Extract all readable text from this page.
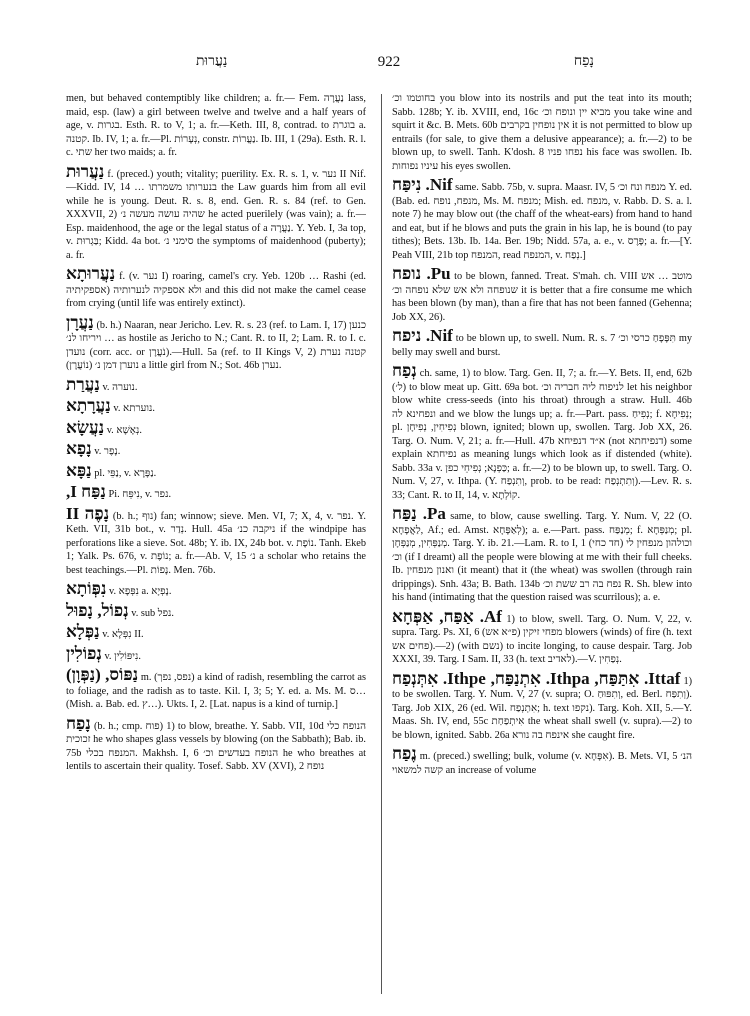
נַעֲרוּת	922	נָפַח
men, but behaved contemptibly like children; a. fr.— Fem. נַעֲרָה lass, maid, esp. (law) a girl between twelve and twelve and a half years of age, v. בגרות. Esth. R. to V, 1; a. fr.—Keth. III, 8, contrad. to בוגרת a. קטנה. Ib. IV, 1; a. fr.—Pl. נְעָרוֹת, constr. נַעֲרוֹת. Ib. III, 1 (29a). Esth. R. l. c. שתי her two maids; a. fr.
נַעֲרוּת f. (preced.) youth; vitality; puerility. Ex. R. s. 1, v. נער II Nif.—Kidd. IV, 14 … בנערותו משמרתו the Law guards him from all evil while he is young. Deut. R. s. 8, end. Gen. R. s. 84 (ref. to Gen. XXXVII, 2) שהיה עושה מעשה נ׳ he acted puerilely (was vain); a. fr.—Esp. maidenhood, the age or the legal status of a נַעֲרָה. Y. Yeb. I, 3a top, v. בַּגְרוּת; Kidd. 4a bot. סימני נ׳ the symptoms of maidenhood (puberty); a. fr.
נַעֲרוּתָא f. (v. נער I) roaring, camel's cry. Yeb. 120b … Rashi (ed. אספקיתיה) ולא אספקיה לנערותיה and this did not make the camel cease from crying (until life was entirely extinct).
נַעֲרָן (b. h.) Naaran, near Jericho. Lev. R. s. 23 (ref. to Lam. I, 17) כנען … ויריחו לנ׳ as hostile as Jericho to N.; Cant. R. to II, 2; Lam. R. to I. c. נועדן (corr. acc. or נֹעֲרָן).—Hull. 5a (ref. to II Kings V, 2) קטנה נערת נוערן דמן נ׳ (נוֹעֲרָן) a little girl from N.; Sot. 46b נערן.
נַעֲרַת v. נוערה.
נַעֲרָתָא v. נוערתא.
נַעֲשָׂא v. נְאָשָׁא.
נָפָא v. נָפֶר.
נַפָּא pl. נַפֵּי, v. נַפָּרָא.
נַפַּח I, Pi. נִיפֵּח, v. נפר.
נָפֶה II (b. h.; נוף) fan; winnow; sieve. Men. VI, 7; X, 4, v. נפר. Y. Keth. VII, 31b bot., v. נְדַר. Hull. 45a ניקבה כנ׳ if the windpipe has perforations like a sieve. Sot. 48b; Y. ib. IX, 24b bot. v. נוֹפֶת. Tanh. Ekeb 1; Yalk. Ps. 676, v. נוֹפֶת; a. fr.—Ab. V, 15 נ׳ a scholar who retains the best teachings.—Pl. נָפוֹת. Men. 76b.
נִפְּוֹתָא v. נִפְּפָא a. נָפְיָא.
נְפוֹל, נָפוּל v. sub נפל.
נַפְּלָא v. נִפְּלָא II.
נְפוֹלִין v. נִיפּוֹלִין.
נַפּוֹס, (נַפְּוָן) m. (נפס, נפך) a kind of radish, resembling the carrot as to foliage, and the radish as to taste. Kil. I, 3; 5; Y. ed. a. Ms. M. ס… (Mish. a. Bab. ed. ץ…). Ukts. I, 2. [Lat. napus is a kind of turnip.]
נָפַח (b. h.; cmp. פוח) 1) to blow, breathe. Y. Sabb. VII, 10d הנופח כלי זכוכית he who shapes glass vessels by blowing (on the Sabbath); Bab. ib. 75b המנפח בכלי. Makhsh. I, 6 הנופח בעדשים וכ׳ he who breathes at lentils to ascertain their quality. Tosef. Sabb. XV (XVI), 2 נופח
בחוטמו וכ׳ you blow into its nostrils and put the teat into its mouth; Sabb. 128b; Y. ib. XVIII, end, 16c מביא יין ונופח וכ׳ you take wine and squirt it &c. B. Mets. 60b אין נופחין בקרבים it is not permitted to blow up entrails (for sale, to give them a delusive appearance); a. fr.—2) to be blown up, to swell. Tanh. K'dosh. 8 נפחו פניו his face was swollen. Ib. עיניו נפוחות his eyes swollen.
Nif. נִיפַּח same. Sabb. 75b, v. supra. Maasr. IV, 5 מנפח ונח וכ׳ Y. ed. (Bab. ed. מנפח, נופח, Ms. M. מנפח; Mish. ed. מנפח, v. Rabb. D. S. a. l. note 7) he may blow out (the chaff of the wheat-ears) from hand to hand and eat, but if he blows and puts the grain in his lap, he is bound (to pay tithes); Bets. 13b. Ib. 14a. Ber. 19b; Nidd. 57a, a. e., v. פֶּרֶס; a. fr.—[Y. Peah VIII, 21b top המנפח, read המנפח, v. נְפַח.]
Pu. נופח to be blown, fanned. Treat. S'mah. ch. VIII מוטב … אש שנופחה ולא אש שלא נופחה וכ׳ it is better that a fire consume me which has been blown (by man), than a fire that has not been fanned (Gehenna; Job XX, 26).
Nif. ניפח to be blown up, to swell. Num. R. s. 7 תִּפָּפָחַ כרסי וכ׳ my belly may swell and burst.
נְפַח ch. same, 1) to blow. Targ. Gen. II, 7; a. fr.—Y. Bets. II, end, 62b (ל׳) to blow meat up. Gitt. 69a bot. לניפוח ליה חבריה וכ׳ let his neighbor blow white cress-seeds (into his throat) through a straw. Hull. 46b ונפחינא לה and we blow the lungs up; a. fr.—Part. pass. נְפִיחַ; f. נְפִיחָא; pl. נְפִיחִין, נְפִיחָן blown, ignited; blown up, swollen. Targ. Job XX, 26. Targ. O. Num. V, 21; a. fr.—Hull. 47b א״ד דנפיחא (not דנפיחתא) some explain נפיחתא as meaning lungs which look as if distended (white). Sabb. 33a v. כַּפְנָא; נְפִיחֵי כפן; a. fr.—2) to be blown up, to swell. Targ. O. Num. V, 27, v. Ithpa. (Y. וְתִנְפַח, prob. to be read: וְתִתְנְפַח).—Lev. R. s. 33; Cant. R. to II, 14, v. קוֹלְתָא.
Pa. נַפַּח same, to blow, cause swelling. Targ. Y. Num. V, 22 (O. לַאֲפָחָא, Af.; ed. Amst. לְאַפָּחָא); a. e.—Part. pass. מְנַפַּח; f. מְנַפְּחָא; pl. מְנַפְּחִין, מְנַפְּחָן. Targ. Y. ib. 21.—Lam. R. to I, 1 (חד כחי) וכולהון מנפחין לי וכ׳ (if I dreamt) all the people were blowing at me with their full cheeks. Ib. ואנון מנפחין (it meant) that it (the wheat) was swollen (through rain drippings). Snh. 43a; B. Bath. 134b נפח בה רב ששת וכ׳ R. Sh. blew into his hand (intimating that the question raised was scurrilous); a. e.
Af. אַפַּח, אַפְּחָא 1) to blow, swell. Targ. O. Num. V, 22, v. supra. Targ. Ps. XI, 6 מפחי זיקין (פ״א אש) blowers (winds) of fire (h. text פחים אש).—2) (with נשם) to incite longing, to cause despair. Targ. Job XXXI, 39. Targ. I Sam. II, 33 (h. text לאדיב).—V. נְפַחִין.
Ittaf. אִתַּפַּח, Ithpa. אִתְנַפַּח, Ithpe. אִתְּנְפַח 1) to be swollen. Targ. Y. Num. V, 27 (v. supra; O. וְתִפּוּחַ, ed. Berl. וְתִפַּח). Targ. Job XIX, 26 (ed. Wil. אִתְנְפַח; h. text נקפו). Targ. Koh. XII, 5.—Y. Maas. Sh. IV, end, 55c אִיתְפַחַת the wheat shall swell (v. supra).—2) to be blown, ignited. Sabb. 26a אינפח בה נורא she caught fire.
נֶפַח m. (preced.) swelling; bulk, volume (v. אִפָּחָא). B. Mets. VI, 5 הנ׳ קשה למשאוי an increase of volume
